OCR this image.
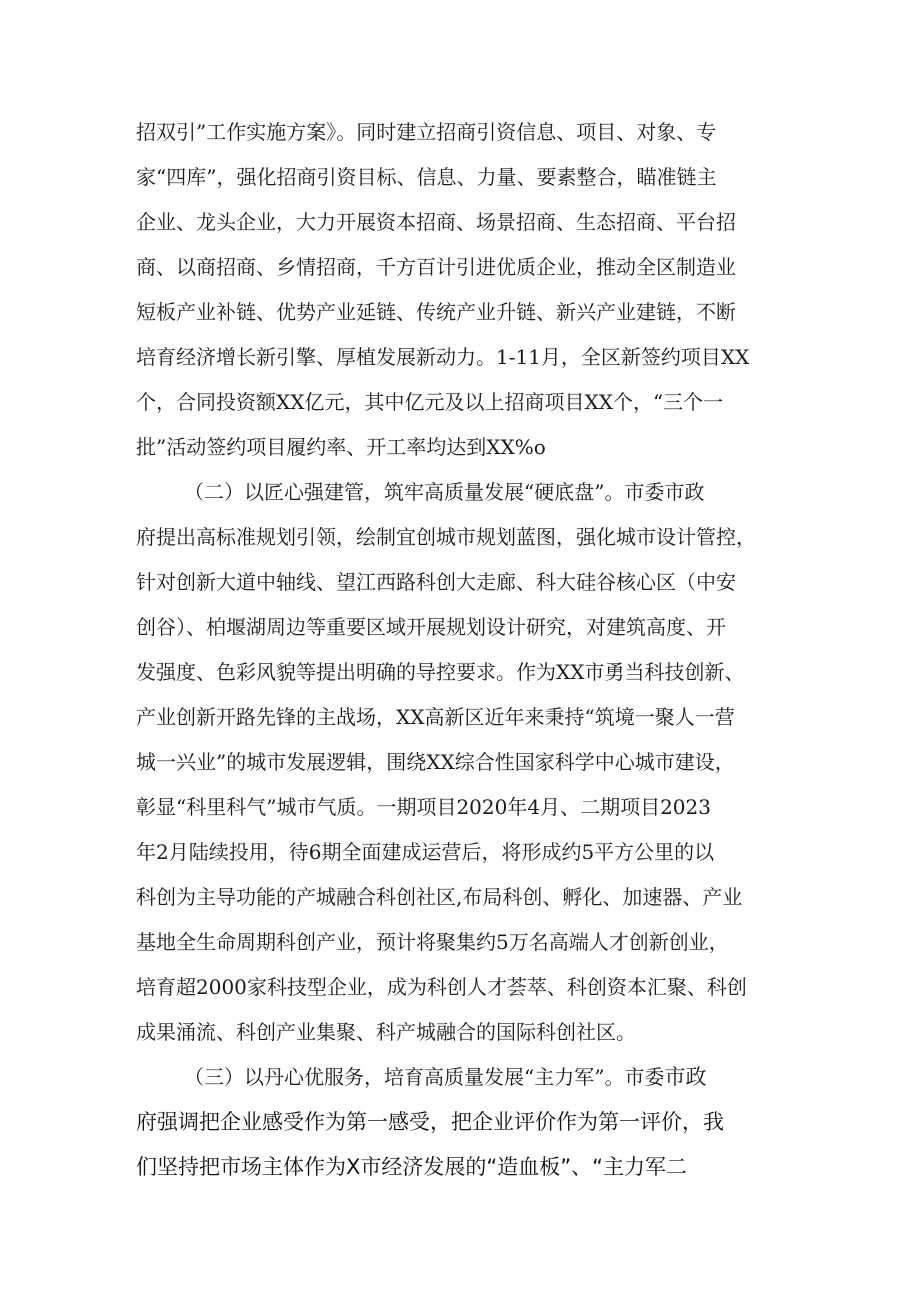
招双引”工作实施方案》。同时建立招商引资信息、项目、对象、专
家“四库”，强化招商引资目标、信息、力量、要素整合，瞄准链主
企业、龙头企业，大力开展资本招商、场景招商、生态招商、平台招
商、以商招商、乡情招商，千方百计引进优质企业，推动全区制造业
短板产业补链、优势产业延链、传统产业升链、新兴产业建链，不断
培育经济增长新引擎、厚植发展新动力。1-11月，全区新签约项目XX
个，合同投资额XX亿元，其中亿元及以上招商项目XX个，“三个一
批”活动签约项目履约率、开工率均达到XX%o
（二）以匠心强建管，筑牢高质量发展“硬底盘”。市委市政
府提出高标准规划引领，绘制宜创城市规划蓝图，强化城市设计管控，
针对创新大道中轴线、望江西路科创大走廊、科大硅谷核心区（中安
创谷）、柏堰湖周边等重要区域开展规划设计研究，对建筑高度、开
发强度、色彩风貌等提出明确的导控要求。作为XX市勇当科技创新、
产业创新开路先锋的主战场，XX高新区近年来秉持“筑境一聚人一营
城一兴业”的城市发展逻辑，围绕XX综合性国家科学中心城市建设，
彰显“科里科气”城市气质。一期项目2020年4月、二期项目2023
年2月陆续投用，待6期全面建成运营后，将形成约5平方公里的以
科创为主导功能的产城融合科创社区,布局科创、孵化、加速器、产业
基地全生命周期科创产业，预计将聚集约5万名高端人才创新创业，
培育超2000家科技型企业，成为科创人才荟萃、科创资本汇聚、科创
成果涌流、科创产业集聚、科产城融合的国际科创社区。
（三）以丹心优服务，培育高质量发展“主力军”。市委市政
府强调把企业感受作为第一感受，把企业评价作为第一评价，我
们坚持把市场主体作为X市经济发展的“造血板”、“主力军二
